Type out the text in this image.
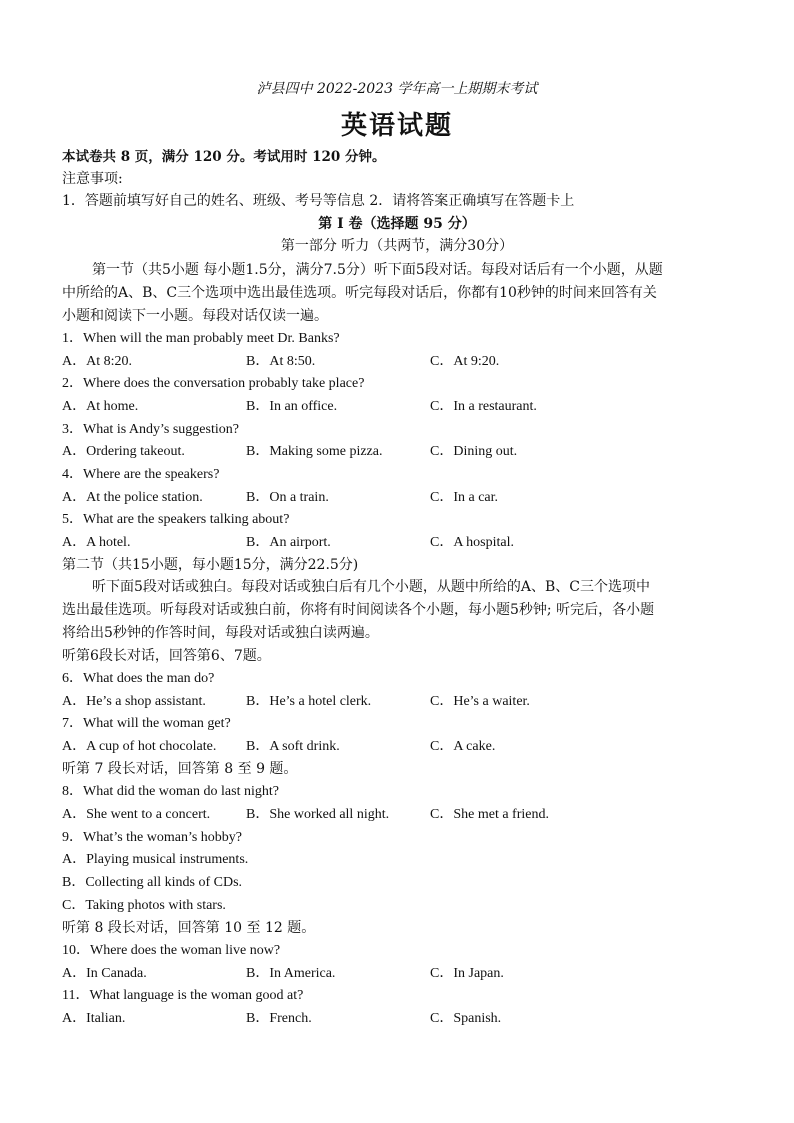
泸县四中 2022-2023 学年高一上期期末考试
英语试题
本试卷共 8 页，满分 120 分。考试用时 120 分钟。
注意事项:
1．答题前填写好自己的姓名、班级、考号等信息 2．请将答案正确填写在答题卡上
第 I 卷（选择题 95 分）
第一部分 听力（共两节，满分30分）
第一节（共5小题 每小题1.5分，满分7.5分）听下面5段对话。每段对话后有一个小题，从题
中所给的A、B、C三个选项中选出最佳选项。听完每段对话后，你都有10秒钟的时间来回答有关
小题和阅读下一小题。每段对话仅读一遍。
1．When will the man probably meet Dr. Banks?
A．At 8:20.	B．At 8:50.	C．At 9:20.
2．Where does the conversation probably take place?
A．At home.	B．In an office.	C．In a restaurant.
3．What is Andy’s suggestion?
A．Ordering takeout.	B．Making some pizza.	C．Dining out.
4．Where are the speakers?
A．At the police station.	B．On a train.	C．In a car.
5．What are the speakers talking about?
A．A hotel.	B．An airport.	C．A hospital.
第二节（共15小题，每小题15分，满分22.5分)
听下面5段对话或独白。每段对话或独白后有几个小题，从题中所给的A、B、C三个选项中
选出最佳选项。听每段对话或独白前，你将有时间阅读各个小题，每小题5秒钟; 听完后，各小题
将给出5秒钟的作答时间，每段对话或独白读两遍。
听第6段长对话，回答第6、7题。
6．What does the man do?
A．He’s a shop assistant.	B．He’s a hotel clerk.	C．He’s a waiter.
7．What will the woman get?
A．A cup of hot chocolate. B．A soft drink.	C．A cake.
听第 7 段长对话，回答第 8 至 9 题。
8．What did the woman do last night?
A．She went to a concert.	B．She worked all night.	C．She met a friend.
9．What’s the woman’s hobby?
A．Playing musical instruments.
B．Collecting all kinds of CDs.
C．Taking photos with stars.
听第 8 段长对话，回答第 10 至 12 题。
10．Where does the woman live now?
A．In Canada.	B．In America.	C．In Japan.
11．What language is the woman good at?
A．Italian.	B．French.	C．Spanish.
